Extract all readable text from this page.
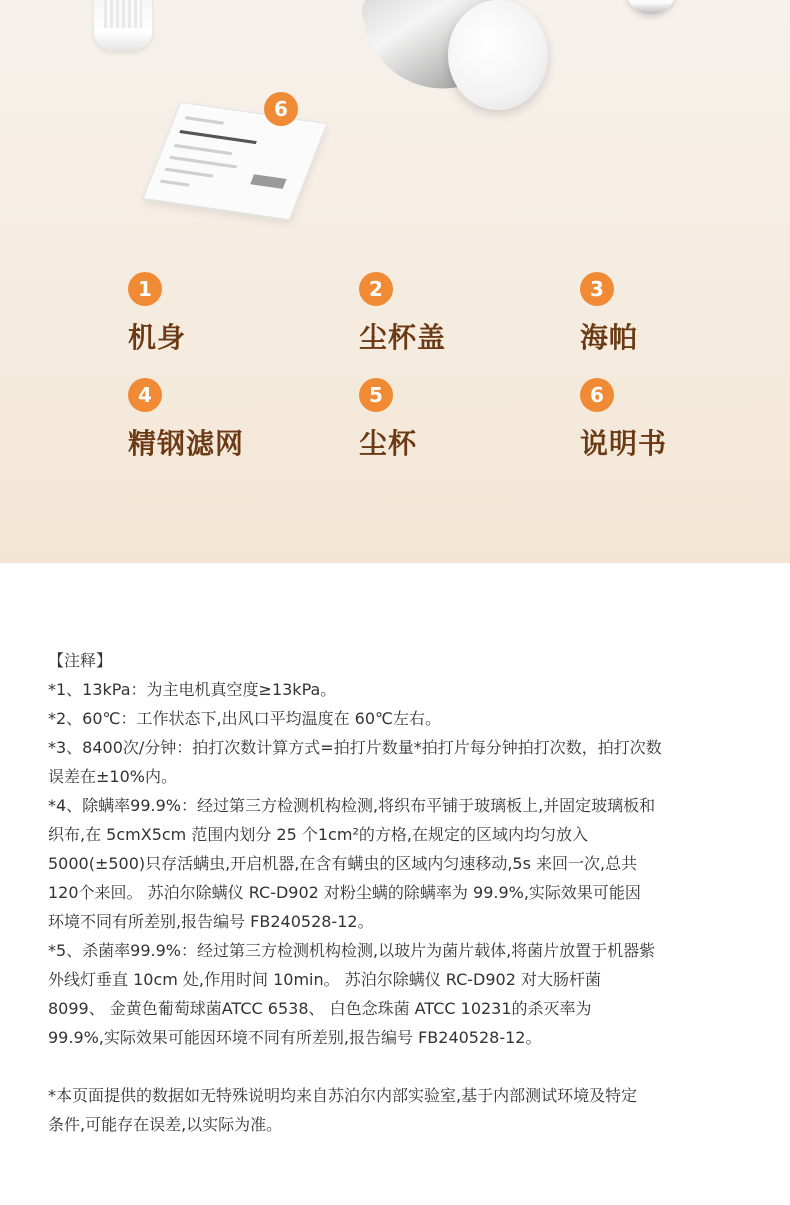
6
1
机身
2
尘杯盖
3
海帕
4
精钢滤网
5
尘杯
6
说明书

【注释】

*1、13kPa：为主电机真空度≥13kPa。

*2、60℃：工作状态下,出风口平均温度在 60℃左右。

*3、8400次/分钟：拍打次数计算方式=拍打片数量*拍打片每分钟拍打次数，拍打次数

误差在±10%内。

*4、除螨率99.9%：经过第三方检测机构检测,将织布平铺于玻璃板上,并固定玻璃板和

织布,在 5cmX5cm 范围内划分 25 个1cm²的方格,在规定的区域内均匀放入

5000(±500)只存活螨虫,开启机器,在含有螨虫的区域内匀速移动,5s 来回一次,总共

120个来回。 苏泊尔除螨仪 RC-D902 对粉尘螨的除螨率为 99.9%,实际效果可能因

环境不同有所差别,报告编号 FB240528-12。

*5、杀菌率99.9%：经过第三方检测机构检测,以玻片为菌片载体,将菌片放置于机器紫

外线灯垂直 10cm 处,作用时间 10min。 苏泊尔除螨仪 RC-D902 对大肠杆菌

8099、 金黄色葡萄球菌ATCC 6538、 白色念珠菌 ATCC 10231的杀灭率为

99.9%,实际效果可能因环境不同有所差别,报告编号 FB240528-12。

*本页面提供的数据如无特殊说明均来自苏泊尔内部实验室,基于内部测试环境及特定

条件,可能存在误差,以实际为准。
